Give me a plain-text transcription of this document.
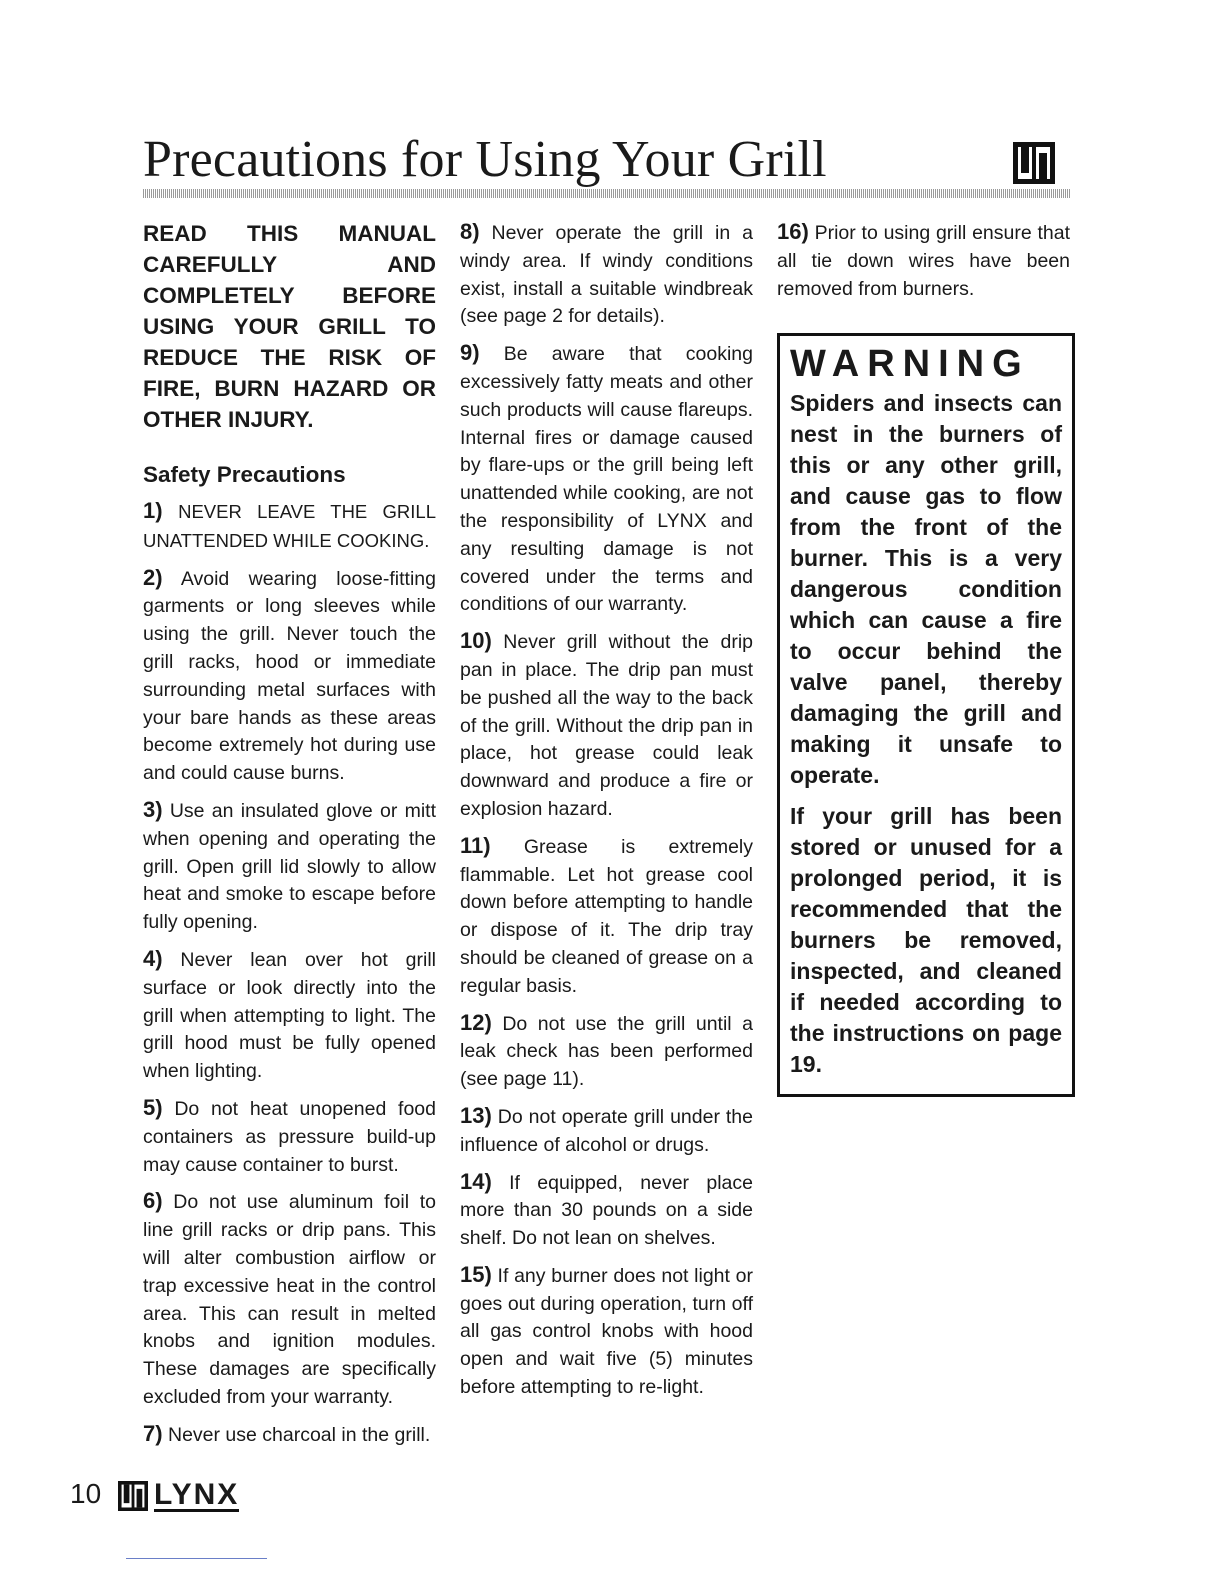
Precautions for Using Your Grill

READ THIS MANUAL CAREFULLY AND COMPLETELY BEFORE USING YOUR GRILL TO REDUCE THE RISK OF FIRE, BURN HAZARD OR OTHER INJURY.

Safety Precautions

1) NEVER LEAVE THE GRILL UNATTENDED WHILE COOKING.

2) Avoid wearing loose-fitting garments or long sleeves while using the grill. Never touch the grill racks, hood or immediate surrounding metal surfaces with your bare hands as these areas become extremely hot during use and could cause burns.

3) Use an insulated glove or mitt when opening and operating the grill. Open grill lid slowly to allow heat and smoke to escape before fully opening.

4) Never lean over hot grill surface or look directly into the grill when attempting to light. The grill hood must be fully opened when lighting.

5) Do not heat unopened food containers as pressure build-up may cause container to burst.

6) Do not use aluminum foil to line grill racks or drip pans. This will alter combustion airflow or trap excessive heat in the control area. This can result in melted knobs and ignition modules. These damages are specifically excluded from your warranty.

7) Never use charcoal in the grill.

8) Never operate the grill in a windy area. If windy conditions exist, install a suitable windbreak (see page 2 for details).

9) Be aware that cooking excessively fatty meats and other such products will cause flareups. Internal fires or damage caused by flare-ups or the grill being left unattended while cooking, are not the responsibility of LYNX and any resulting damage is not covered under the terms and conditions of our warranty.

10) Never grill without the drip pan in place. The drip pan must be pushed all the way to the back of the grill. Without the drip pan in place, hot grease could leak downward and produce a fire or explosion hazard.

11) Grease is extremely flammable. Let hot grease cool down before attempting to handle or dispose of it. The drip tray should be cleaned of grease on a regular basis.

12) Do not use the grill until a leak check has been performed (see page 11).

13) Do not operate grill under the influence of alcohol or drugs.

14) If equipped, never place more than 30 pounds on a side shelf. Do not lean on shelves.

15) If any burner does not light or goes out during operation, turn off all gas control knobs with hood open and wait five (5) minutes before attempting to re-light.

16) Prior to using grill ensure that all tie down wires have been removed from burners.

WARNING

Spiders and insects can nest in the burners of this or any other grill, and cause gas to flow from the front of the burner. This is a very dangerous condition which can cause a fire to occur behind the valve panel, thereby damaging the grill and making it unsafe to operate.

If your grill has been stored or unused for a prolonged period, it is recommended that the burners be removed, inspected, and cleaned if needed according to the instructions on page 19.

10 LYNX
